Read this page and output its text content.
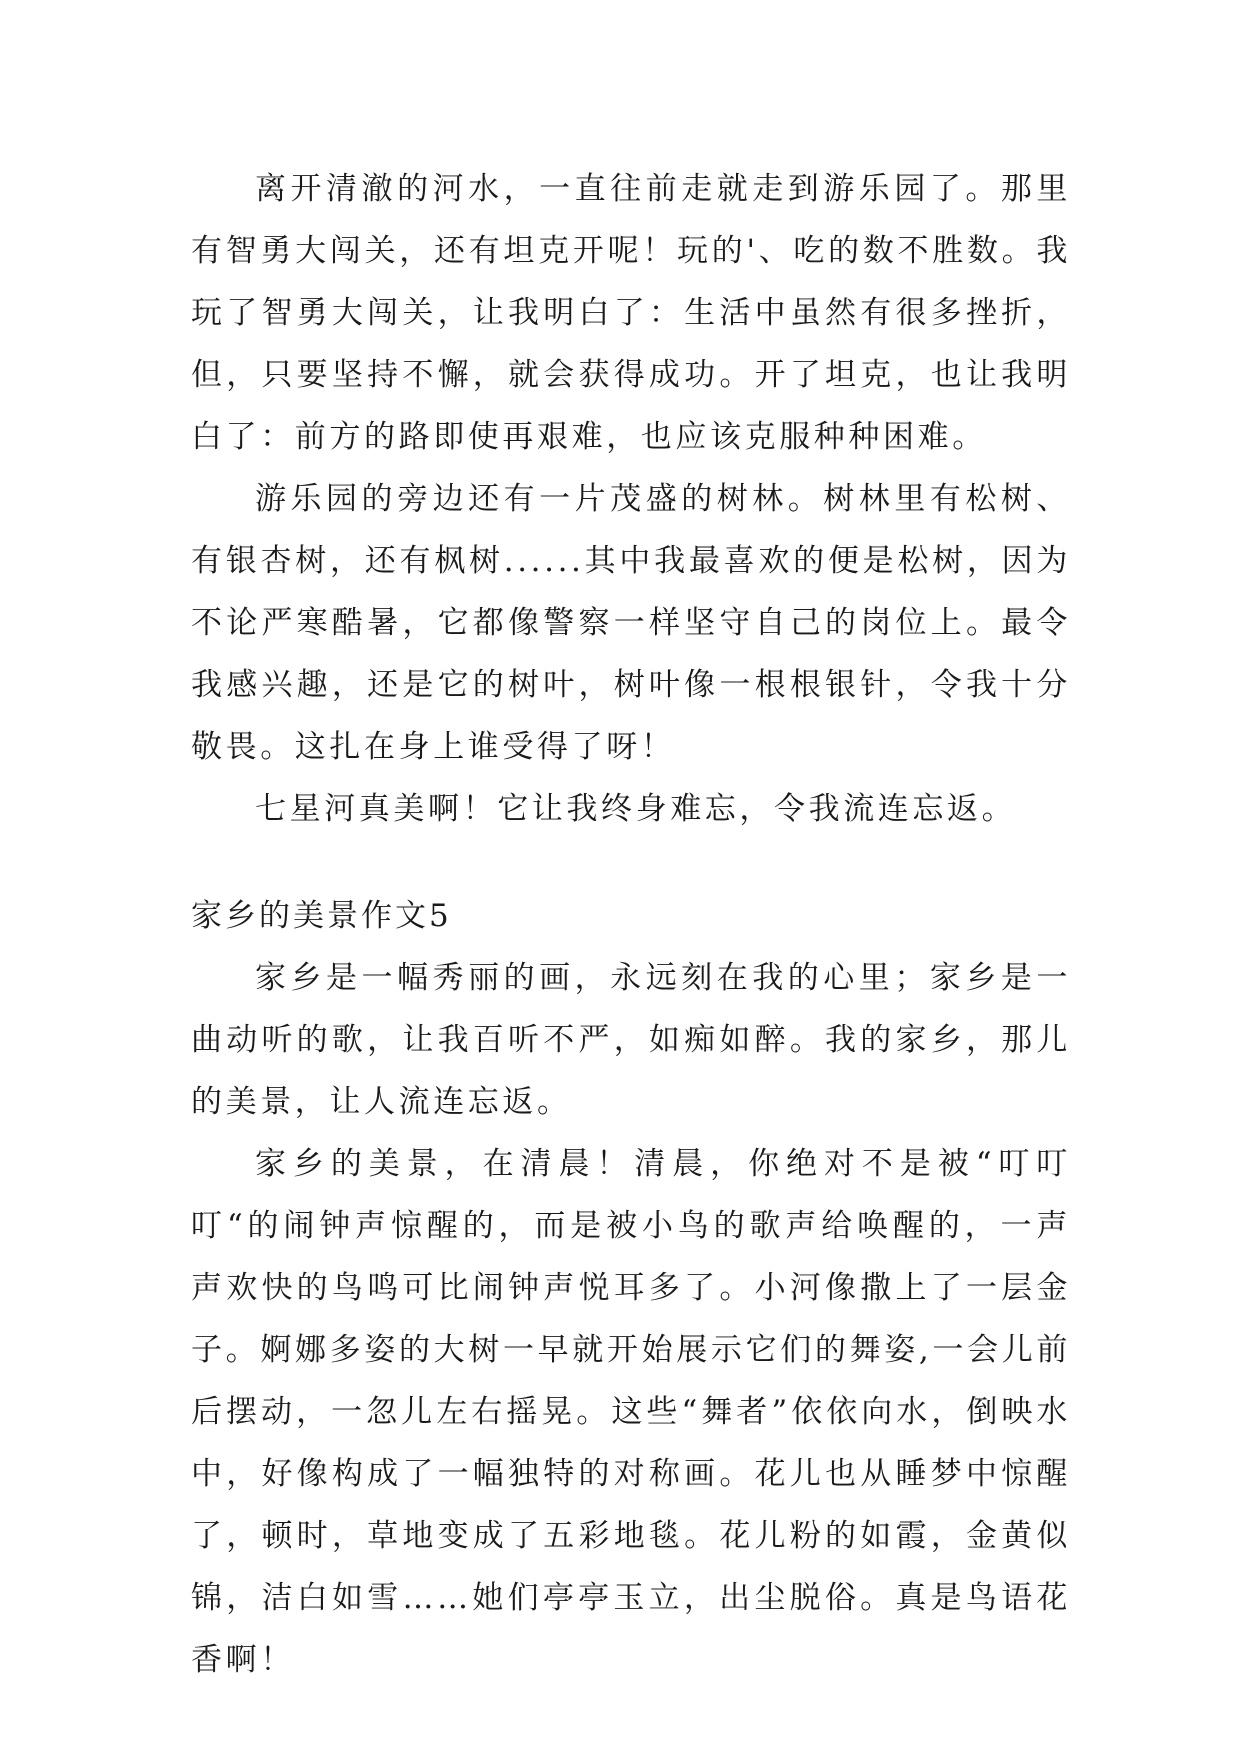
离开清澈的河水，一直往前走就走到游乐园了。那里有智勇大闯关，还有坦克开呢！玩的'、吃的数不胜数。我玩了智勇大闯关，让我明白了：生活中虽然有很多挫折，但，只要坚持不懈，就会获得成功。开了坦克，也让我明白了：前方的路即使再艰难，也应该克服种种困难。

游乐园的旁边还有一片茂盛的树林。树林里有松树、有银杏树，还有枫树......其中我最喜欢的便是松树，因为不论严寒酷暑，它都像警察一样坚守自己的岗位上。最令我感兴趣，还是它的树叶，树叶像一根根银针，令我十分敬畏。这扎在身上谁受得了呀！

七星河真美啊！它让我终身难忘，令我流连忘返。

家乡的美景作文5

家乡是一幅秀丽的画，永远刻在我的心里；家乡是一曲动听的歌，让我百听不严，如痴如醉。我的家乡，那儿的美景，让人流连忘返。

家乡的美景，在清晨！清晨，你绝对不是被“叮叮叮“的闹钟声惊醒的，而是被小鸟的歌声给唤醒的，一声声欢快的鸟鸣可比闹钟声悦耳多了。小河像撒上了一层金子。婀娜多姿的大树一早就开始展示它们的舞姿,一会儿前后摆动，一忽儿左右摇晃。这些“舞者”依依向水，倒映水中，好像构成了一幅独特的对称画。花儿也从睡梦中惊醒了，顿时，草地变成了五彩地毯。花儿粉的如霞，金黄似锦，洁白如雪……她们亭亭玉立，出尘脱俗。真是鸟语花香啊！
